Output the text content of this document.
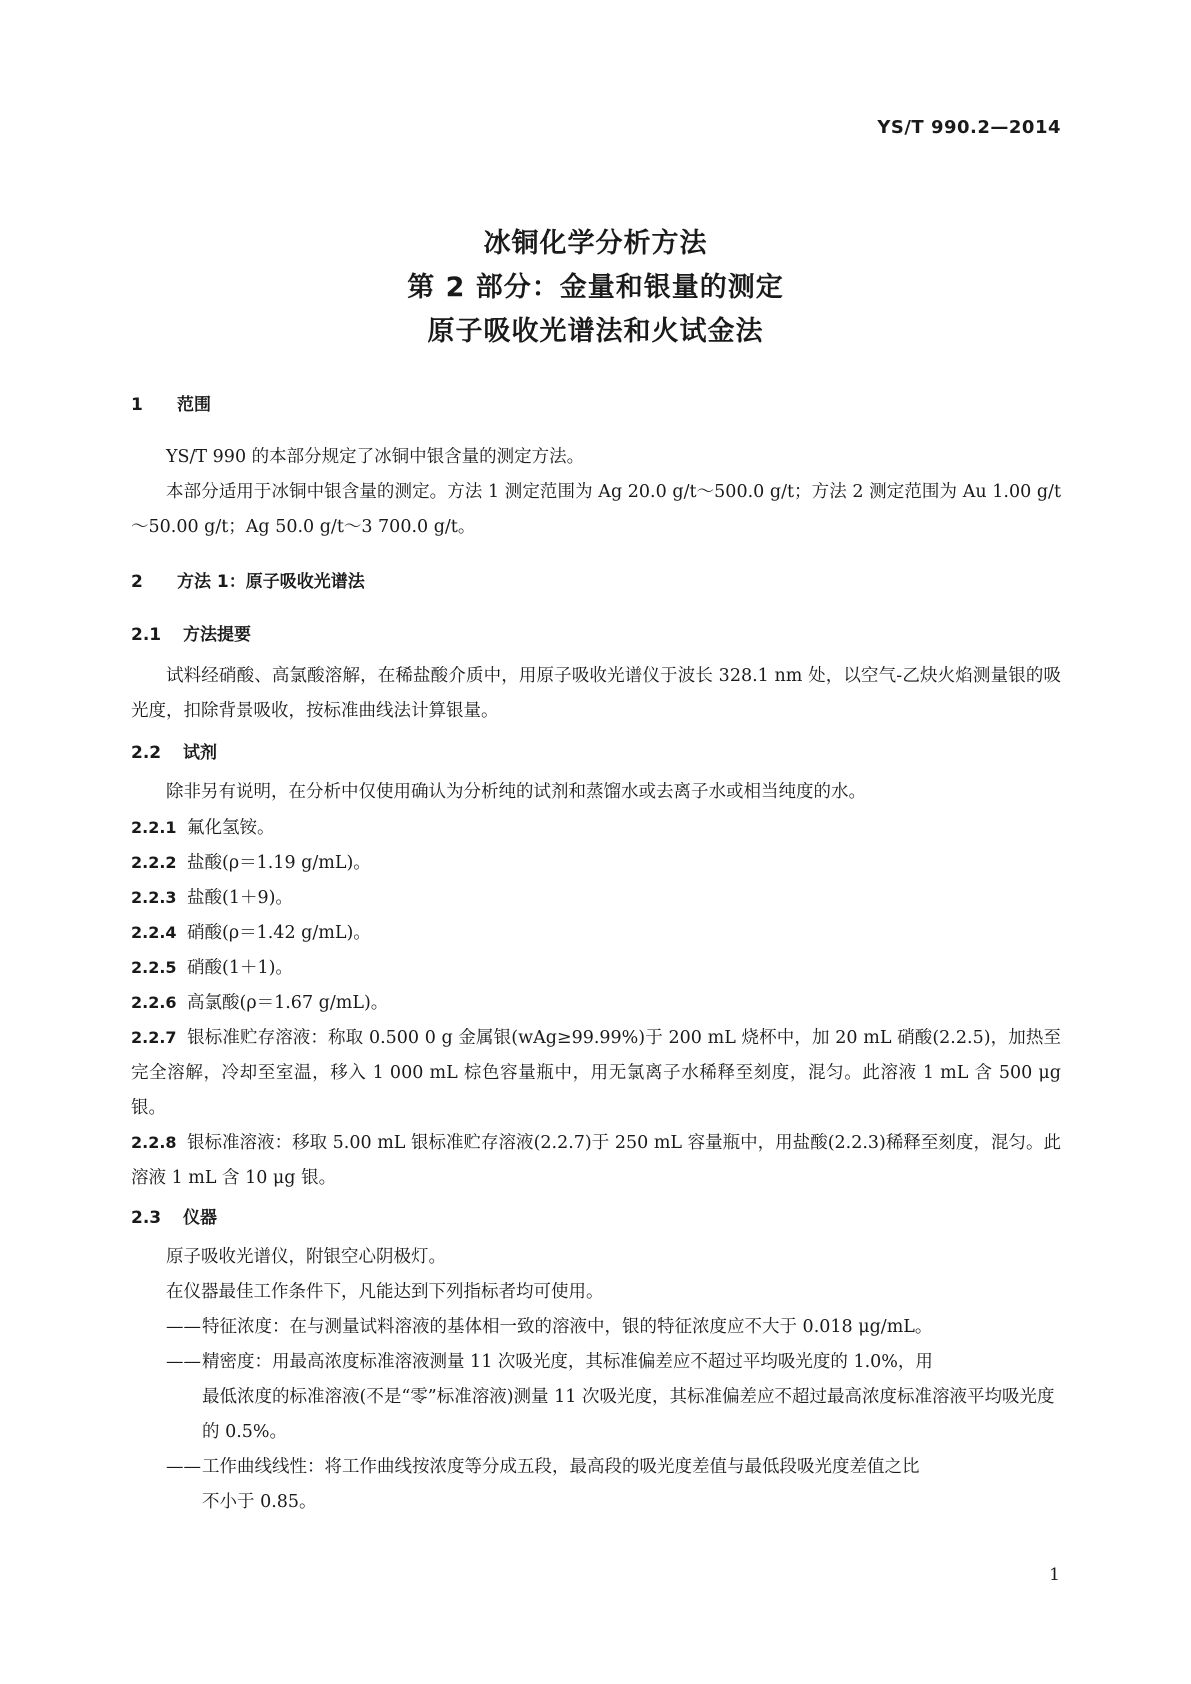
YS/T 990.2—2014
冰铜化学分析方法
第 2 部分：金量和银量的测定
原子吸收光谱法和火试金法
1 范围
YS/T 990 的本部分规定了冰铜中银含量的测定方法。
本部分适用于冰铜中银含量的测定。方法 1 测定范围为 Ag 20.0 g/t～500.0 g/t；方法 2 测定范围为 Au 1.00 g/t～50.00 g/t；Ag 50.0 g/t～3 700.0 g/t。
2 方法 1：原子吸收光谱法
2.1 方法提要
试料经硝酸、高氯酸溶解，在稀盐酸介质中，用原子吸收光谱仪于波长 328.1 nm 处，以空气-乙炔火焰测量银的吸光度，扣除背景吸收，按标准曲线法计算银量。
2.2 试剂
除非另有说明，在分析中仅使用确认为分析纯的试剂和蒸馏水或去离子水或相当纯度的水。
2.2.1 氟化氢铵。
2.2.2 盐酸(ρ＝1.19 g/mL)。
2.2.3 盐酸(1＋9)。
2.2.4 硝酸(ρ＝1.42 g/mL)。
2.2.5 硝酸(1＋1)。
2.2.6 高氯酸(ρ＝1.67 g/mL)。
2.2.7 银标准贮存溶液：称取 0.500 0 g 金属银(wAg≥99.99%)于 200 mL 烧杯中，加 20 mL 硝酸(2.2.5)，加热至完全溶解，冷却至室温，移入 1 000 mL 棕色容量瓶中，用无氯离子水稀释至刻度，混匀。此溶液 1 mL 含 500 μg 银。
2.2.8 银标准溶液：移取 5.00 mL 银标准贮存溶液(2.2.7)于 250 mL 容量瓶中，用盐酸(2.2.3)稀释至刻度，混匀。此溶液 1 mL 含 10 μg 银。
2.3 仪器
原子吸收光谱仪，附银空心阴极灯。
在仪器最佳工作条件下，凡能达到下列指标者均可使用。
——特征浓度：在与测量试料溶液的基体相一致的溶液中，银的特征浓度应不大于 0.018 μg/mL。
——精密度：用最高浓度标准溶液测量 11 次吸光度，其标准偏差应不超过平均吸光度的 1.0%，用
最低浓度的标准溶液(不是“零”标准溶液)测量 11 次吸光度，其标准偏差应不超过最高浓度标准溶液平均吸光度的 0.5%。
——工作曲线线性：将工作曲线按浓度等分成五段，最高段的吸光度差值与最低段吸光度差值之比
不小于 0.85。
1
